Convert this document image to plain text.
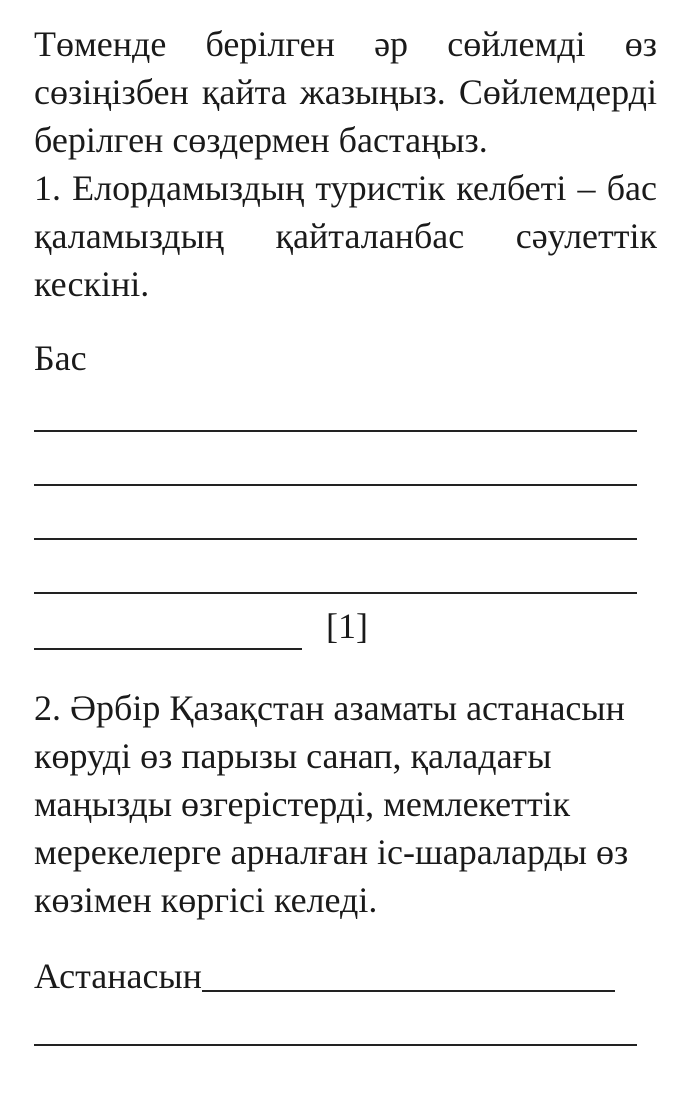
Төменде берілген әр сөйлемді өз сөзіңізбен қайта жазыңыз. Сөйлемдерді берілген сөздермен бастаңыз.

1. Елордамыздың туристік келбеті – бас қаламыздың қайталанбас сәулеттік кескіні.

Бас

[1]

2. Әрбір Қазақстан азаматы астанасын көруді өз парызы санап, қаладағы маңызды өзгерістерді, мемлекеттік мерекелерге арналған іс-шараларды өз көзімен көргісі келеді.

Астанасын
